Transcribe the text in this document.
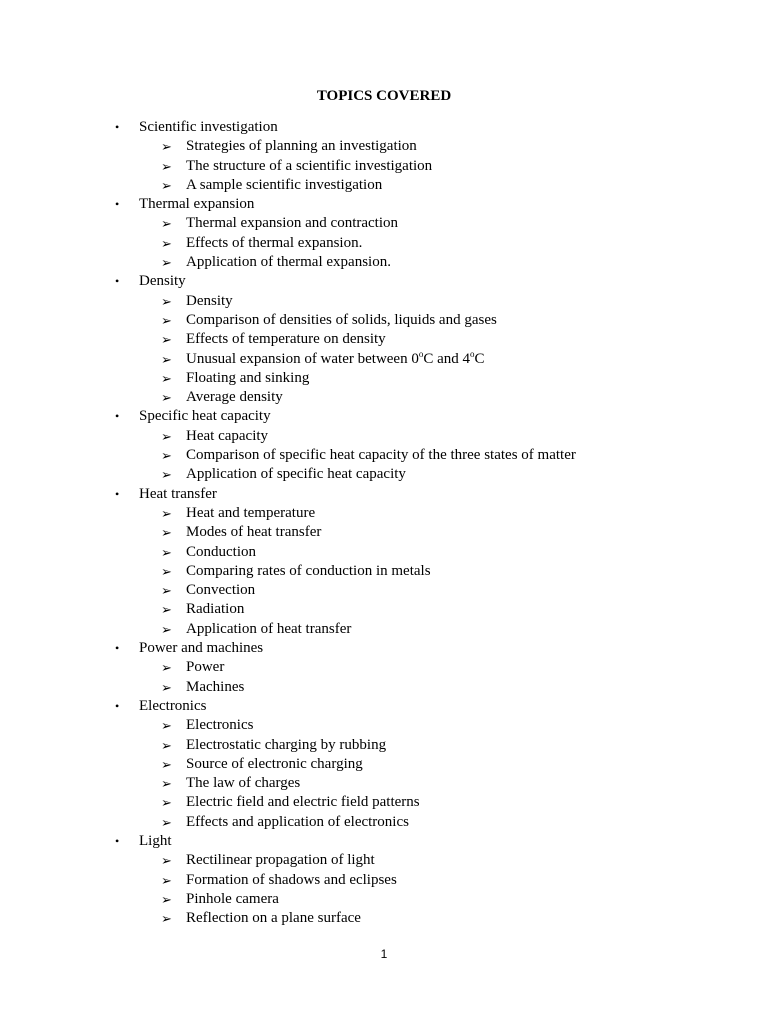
TOPICS COVERED
• Scientific investigation
➢ Strategies of planning an investigation
➢ The structure of a scientific investigation
➢ A sample scientific investigation
• Thermal expansion
➢ Thermal expansion and contraction
➢ Effects of thermal expansion.
➢ Application of thermal expansion.
• Density
➢ Density
➢ Comparison of densities of solids, liquids and gases
➢ Effects of temperature on density
➢ Unusual expansion of water between 0$^o$C and 4$^o$C
➢ Floating and sinking
➢ Average density
• Specific heat capacity
➢ Heat capacity
➢ Comparison of specific heat capacity of the three states of matter
➢ Application of specific heat capacity
• Heat transfer
➢ Heat and temperature
➢ Modes of heat transfer
➢ Conduction
➢ Comparing rates of conduction in metals
➢ Convection
➢ Radiation
➢ Application of heat transfer
• Power and machines
➢ Power
➢ Machines
• Electronics
➢ Electronics
➢ Electrostatic charging by rubbing
➢ Source of electronic charging
➢ The law of charges
➢ Electric field and electric field patterns
➢ Effects and application of electronics
• Light
➢ Rectilinear propagation of light
➢ Formation of shadows and eclipses
➢ Pinhole camera
➢ Reflection on a plane surface
1
